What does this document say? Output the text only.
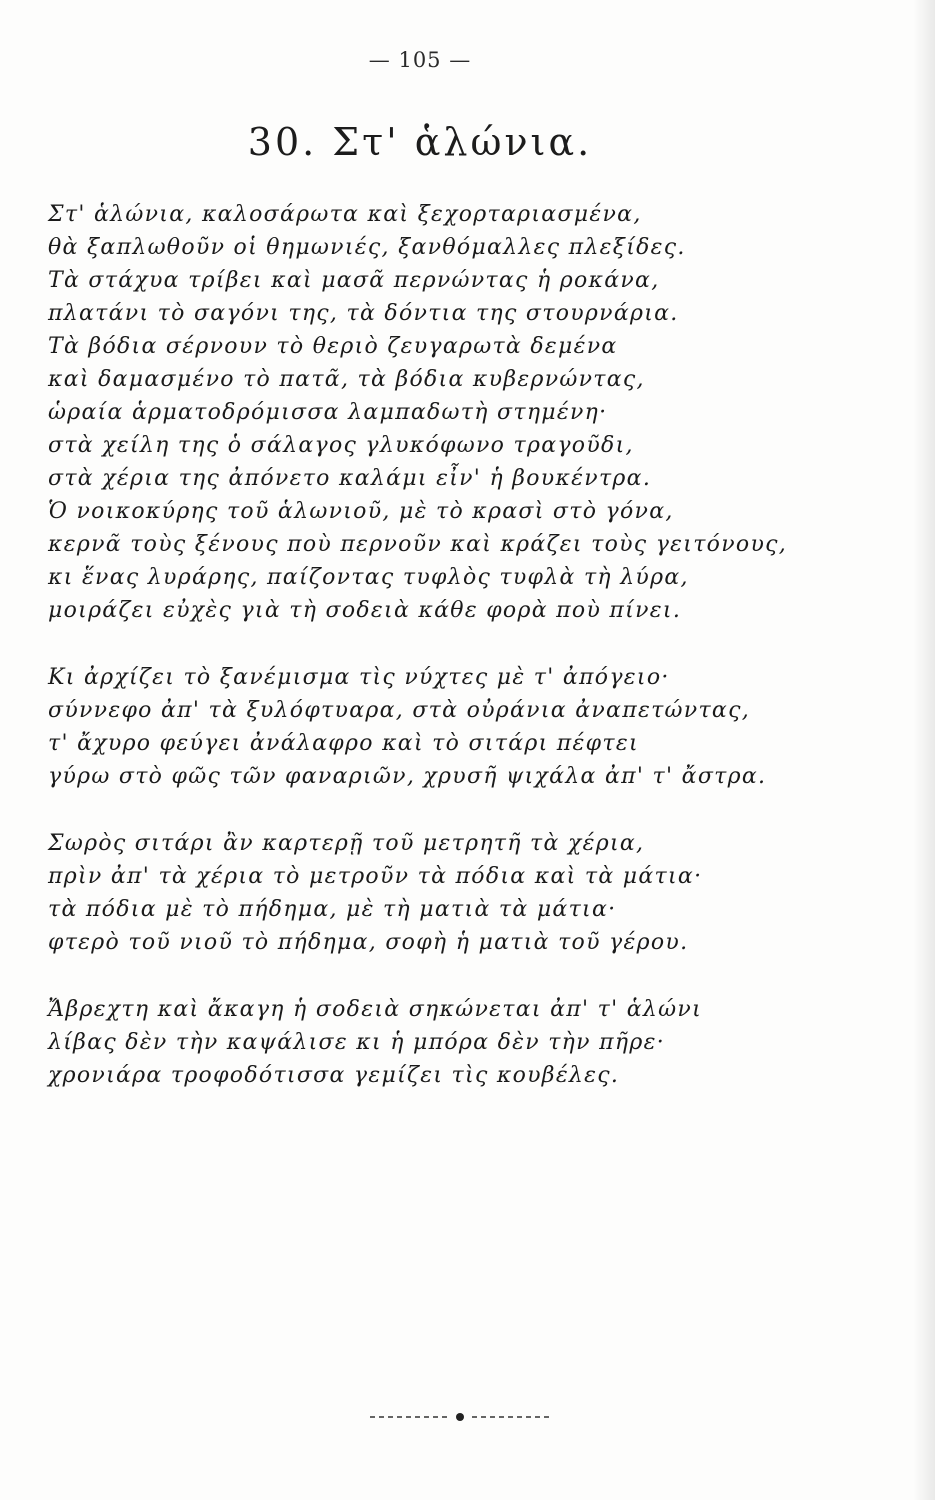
— 105 —
30. Στ' ἁλώνια.
Στ' ἁλώνια, καλοσάρωτα καὶ ξεχορταριασμένα,
θὰ ξαπλωθοῦν οἱ θημωνιές, ξανθόμαλλες πλεξίδες.
Τὰ στάχυα τρίβει καὶ μασᾶ περνώντας ἡ ροκάνα,
πλατάνι τὸ σαγόνι της, τὰ δόντια της στουρνάρια.
Τὰ βόδια σέρνουν τὸ θεριὸ ζευγαρωτὰ δεμένα
καὶ δαμασμένο τὸ πατᾶ, τὰ βόδια κυβερνώντας,
ὡραία ἁρματοδρόμισσα λαμπαδωτὴ στημένη·
στὰ χείλη της ὁ σάλαγος γλυκόφωνο τραγοῦδι,
στὰ χέρια της ἀπόνετο καλάμι εἶν' ἡ βουκέντρα.
Ὁ νοικοκύρης τοῦ ἁλωνιοῦ, μὲ τὸ κρασὶ στὸ γόνα,
κερνᾶ τοὺς ξένους ποὺ περνοῦν καὶ κράζει τοὺς γειτόνους,
κι ἕνας λυράρης, παίζοντας τυφλὸς τυφλὰ τὴ λύρα,
μοιράζει εὐχὲς γιὰ τὴ σοδειὰ κάθε φορὰ ποὺ πίνει.
Κι ἀρχίζει τὸ ξανέμισμα τὶς νύχτες μὲ τ' ἀπόγειο·
σύννεφο ἀπ' τὰ ξυλόφτυαρα, στὰ οὐράνια ἀναπετώντας,
τ' ἄχυρο φεύγει ἀνάλαφρο καὶ τὸ σιτάρι πέφτει
γύρω στὸ φῶς τῶν φαναριῶν, χρυσῆ ψιχάλα ἀπ' τ' ἄστρα.
Σωρὸς σιτάρι ἂν καρτερῇ τοῦ μετρητῆ τὰ χέρια,
πρὶν ἀπ' τὰ χέρια τὸ μετροῦν τὰ πόδια καὶ τὰ μάτια·
τὰ πόδια μὲ τὸ πήδημα, μὲ τὴ ματιὰ τὰ μάτια·
φτερὸ τοῦ νιοῦ τὸ πήδημα, σοφὴ ἡ ματιὰ τοῦ γέρου.
Ἄβρεχτη καὶ ἄκαγη ἡ σοδειὰ σηκώνεται ἀπ' τ' ἁλώνι
λίβας δὲν τὴν καψάλισε κι ἡ μπόρα δὲν τὴν πῆρε·
χρονιάρα τροφοδότισσα γεμίζει τὶς κουβέλες.
